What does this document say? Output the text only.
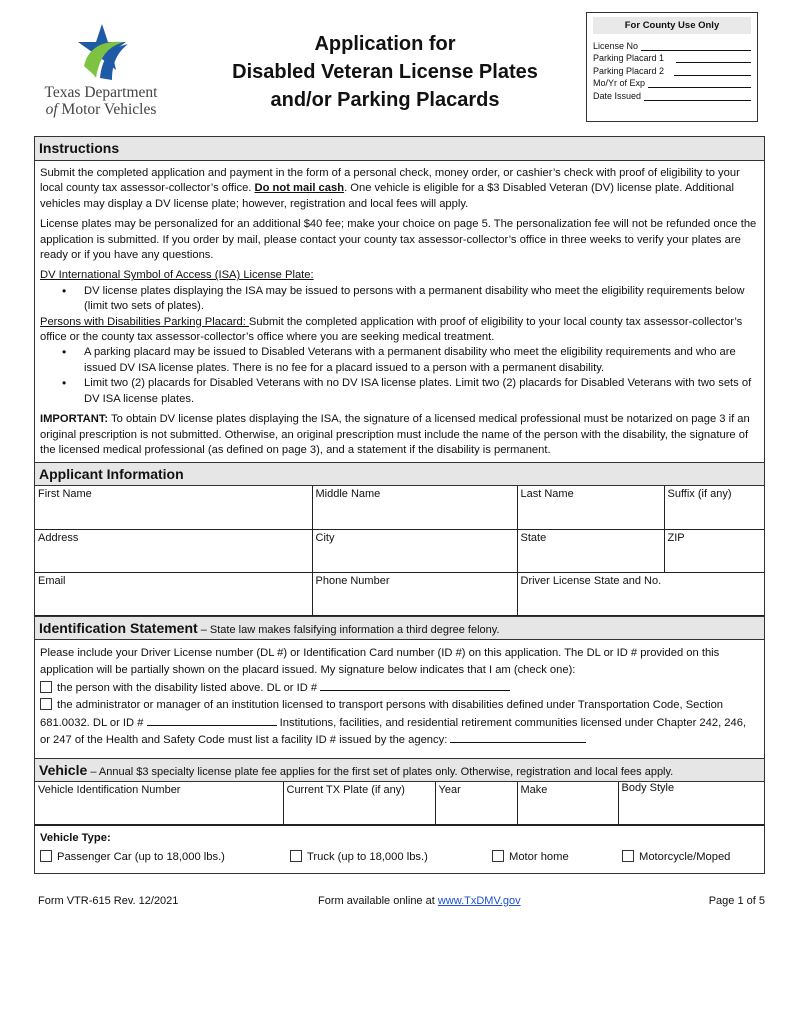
Texas Department
of Motor Vehicles
Application for
Disabled Veteran License Plates
and/or Parking Placards
For County Use Only
License No
Parking Placard 1
Parking Placard 2
Mo/Yr of Exp
Date Issued
Instructions

Submit the completed application and payment in the form of a personal check, money order, or cashier’s check with proof of eligibility to your local county tax assessor-collector’s office. Do not mail cash. One vehicle is eligible for a $3 Disabled Veteran (DV) license plate. Additional vehicles may display a DV license plate; however, registration and local fees will apply.

License plates may be personalized for an additional $40 fee; make your choice on page 5. The personalization fee will not be refunded once the application is submitted. If you order by mail, please contact your county tax assessor-collector’s office in three weeks to verify your plates are ready or if you have any questions.

DV International Symbol of Access (ISA) License Plate:

• DV license plates displaying the ISA may be issued to persons with a permanent disability who meet the eligibility requirements below (limit two sets of plates).

Persons with Disabilities Parking Placard: Submit the completed application with proof of eligibility to your local county tax assessor-collector’s office or the county tax assessor-collector’s office where you are seeking medical treatment.

• A parking placard may be issued to Disabled Veterans with a permanent disability who meet the eligibility requirements and who are issued DV ISA license plates. There is no fee for a placard issued to a person with a permanent disability.
• Limit two (2) placards for Disabled Veterans with no DV ISA license plates. Limit two (2) placards for Disabled Veterans with two sets of DV ISA license plates.

IMPORTANT: To obtain DV license plates displaying the ISA, the signature of a licensed medical professional must be notarized on page 3 if an original prescription is not submitted. Otherwise, an original prescription must include the name of the person with the disability, the signature of the licensed medical professional (as defined on page 3), and a statement if the disability is permanent.

Applicant Information
First Name	Middle Name	Last Name	Suffix (if any)
Address	City	State	ZIP
Email	Phone Number	Driver License State and No.	
Identification Statement – State law makes falsifying information a third degree felony.
Please include your Driver License number (DL #) or Identification Card number (ID #) on this application. The DL or ID # provided on this application will be partially shown on the placard issued. My signature below indicates that I am (check one):
the person with the disability listed above. DL or ID #
the administrator or manager of an institution licensed to transport persons with disabilities defined under Transportation Code, Section 681.0032. DL or ID #	Institutions, facilities, and residential retirement communities licensed under Chapter 242, 246, or 247 of the Health and Safety Code must list a facility ID # issued by the agency:
Vehicle – Annual $3 specialty license plate fee applies for the first set of plates only. Otherwise, registration and local fees apply.
Vehicle Identification Number	Current TX Plate (if any)	Year	Make	Body Style
Vehicle Type:
Passenger Car (up to 18,000 lbs.)	Truck (up to 18,000 lbs.)	Motor home	Motorcycle/Moped
Form VTR-615 Rev. 12/2021	Form available online at www.TxDMV.gov	Page 1 of 5
